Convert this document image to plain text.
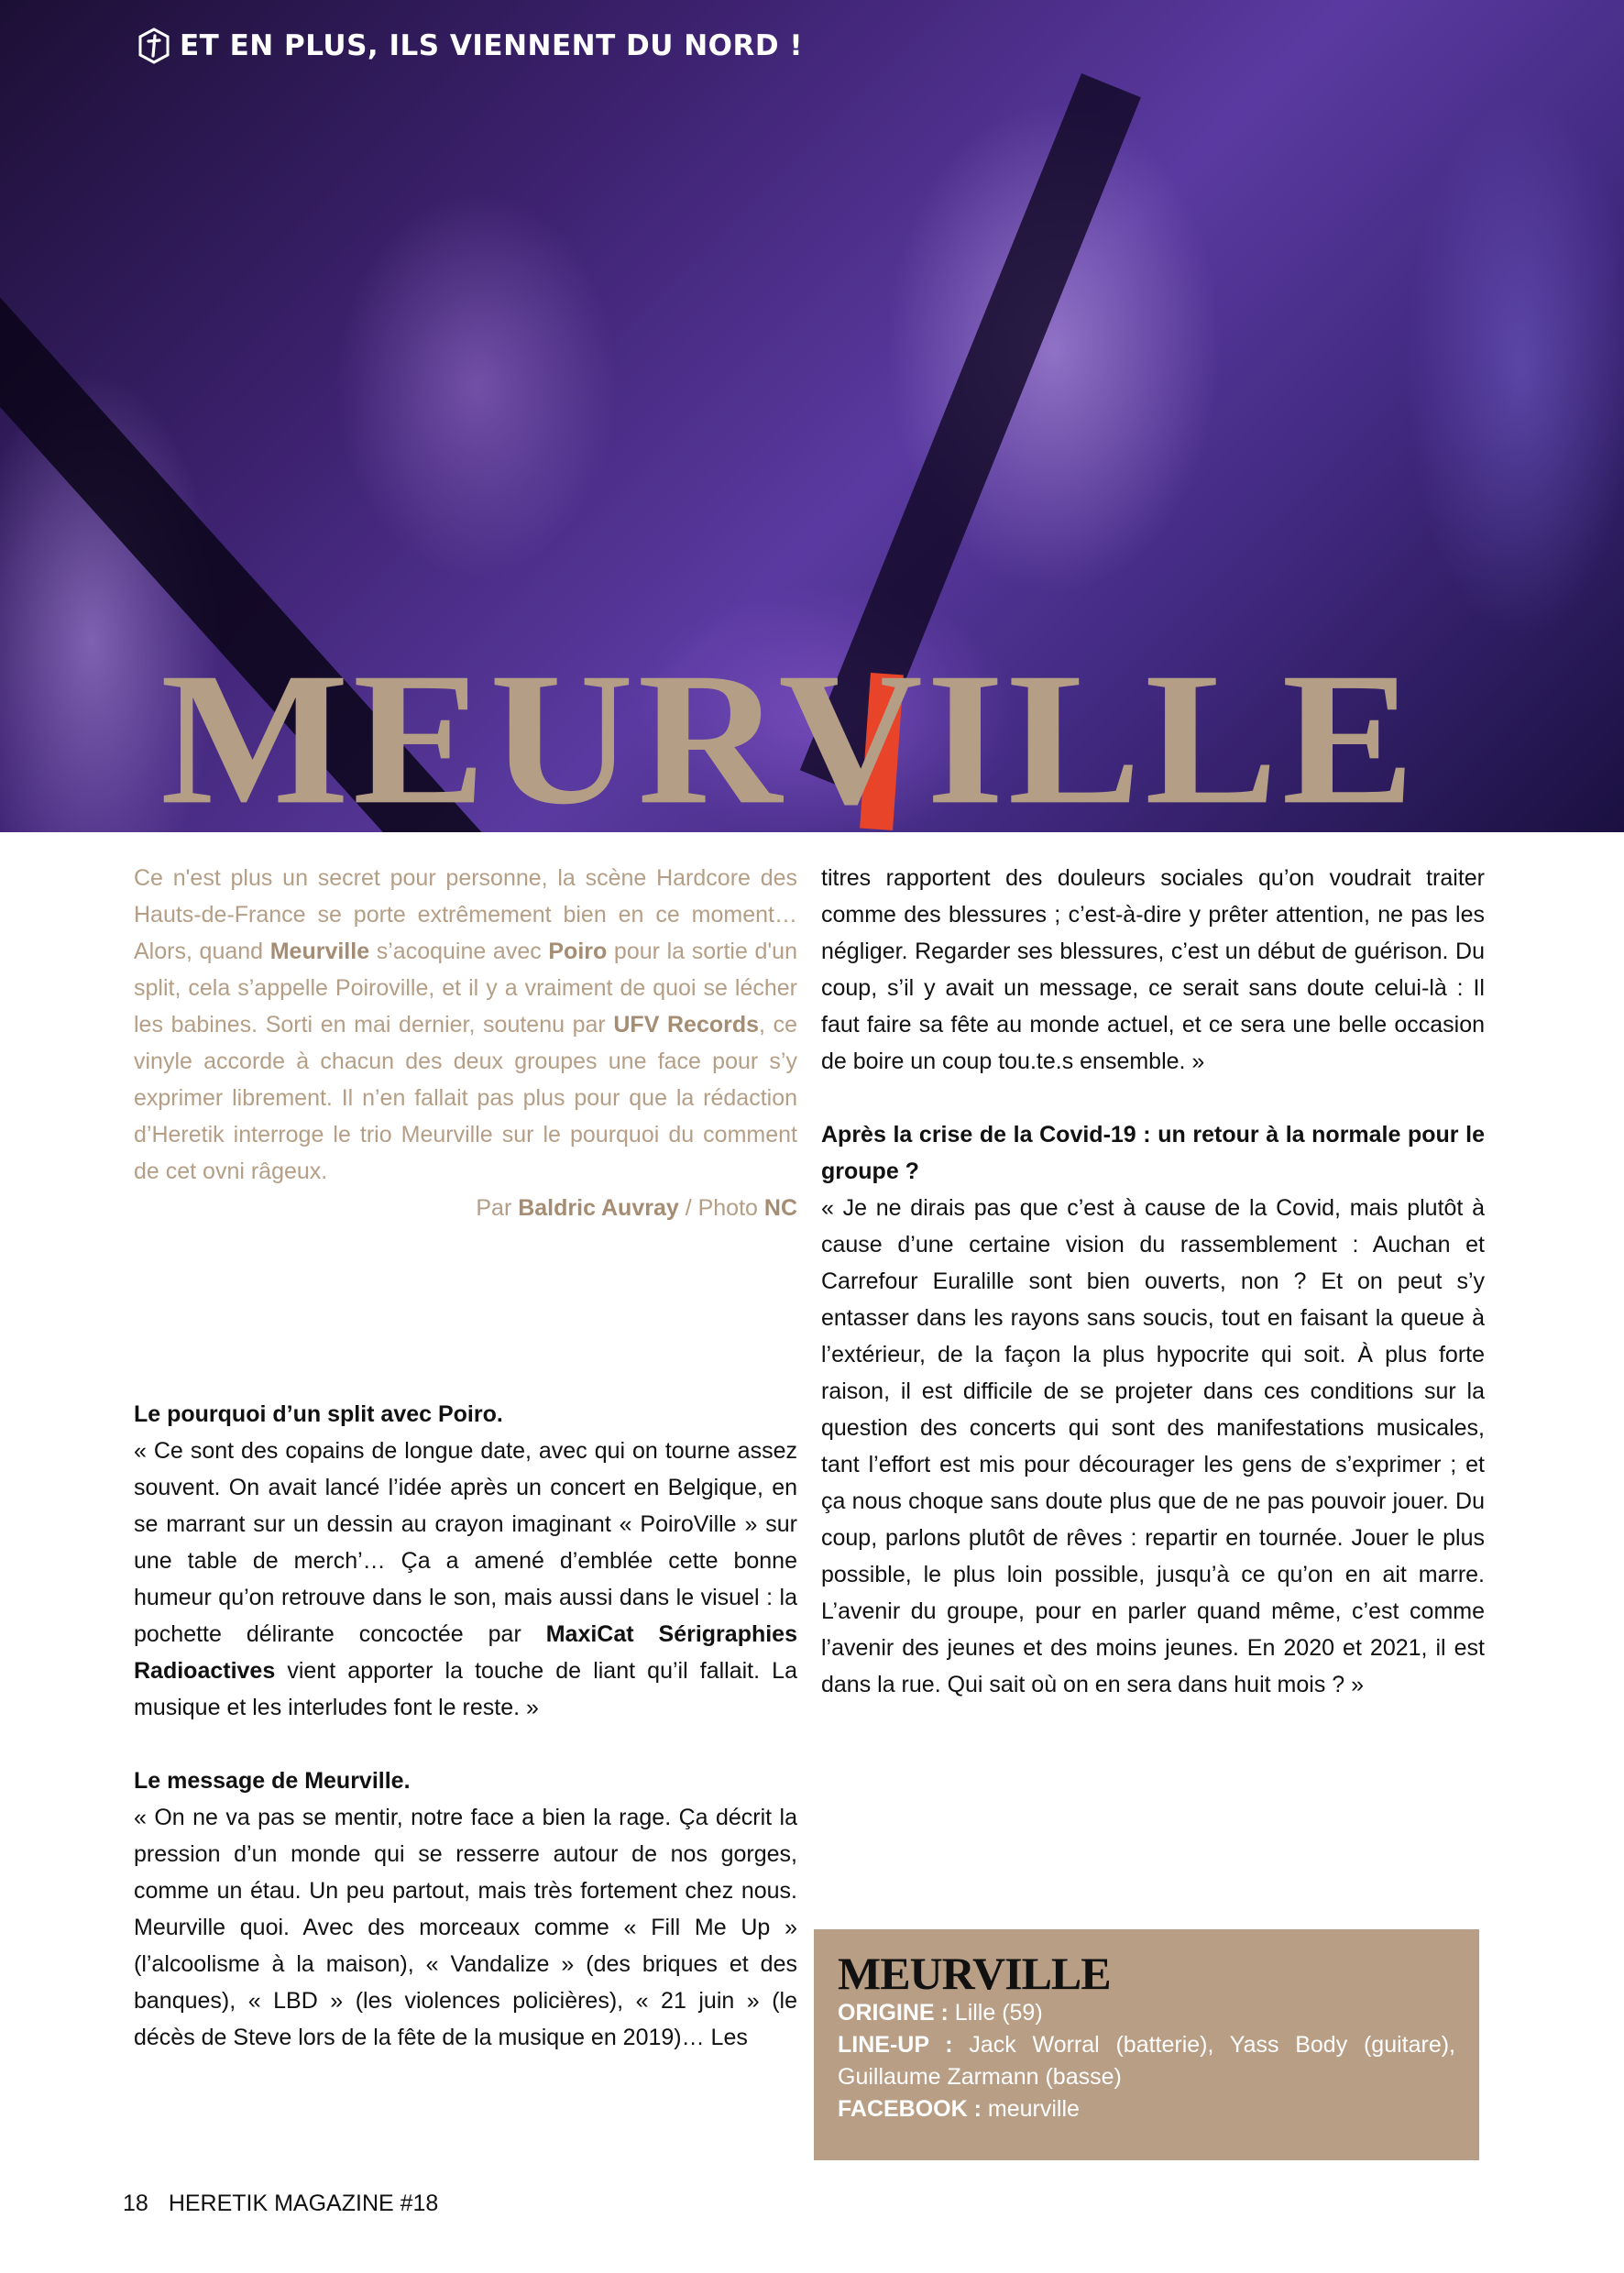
ET EN PLUS, ILS VIENNENT DU NORD !
MEURVILLE

Ce n'est plus un secret pour personne, la scène Hardcore des Hauts-de-France se porte extrêmement bien en ce moment… Alors, quand Meurville s’acoquine avec Poiro pour la sortie d'un split, cela s’appelle Poiroville, et il y a vraiment de quoi se lécher les babines. Sorti en mai dernier, soutenu par UFV Records, ce vinyle accorde à chacun des deux groupes une face pour s’y exprimer librement. Il n’en fallait pas plus pour que la rédaction d’Heretik interroge le trio Meurville sur le pourquoi du comment de cet ovni râgeux.

Par Baldric Auvray / Photo NC

Le pourquoi d’un split avec Poiro.

« Ce sont des copains de longue date, avec qui on tourne assez souvent. On avait lancé l’idée après un concert en Belgique, en se marrant sur un dessin au crayon imaginant « PoiroVille » sur une table de merch’… Ça a amené d’emblée cette bonne humeur qu’on retrouve dans le son, mais aussi dans le visuel : la pochette délirante concoctée par MaxiCat Sérigraphies Radioactives vient apporter la touche de liant qu’il fallait. La musique et les interludes font le reste. »

Le message de Meurville.

« On ne va pas se mentir, notre face a bien la rage. Ça décrit la pression d’un monde qui se resserre autour de nos gorges, comme un étau. Un peu partout, mais très fortement chez nous. Meurville quoi. Avec des morceaux comme « Fill Me Up » (l’alcoolisme à la maison), « Vandalize » (des briques et des banques), « LBD » (les violences policières), « 21 juin » (le décès de Steve lors de la fête de la musique en 2019)… Les

titres rapportent des douleurs sociales qu’on voudrait traiter comme des blessures ; c’est-à-dire y prêter attention, ne pas les négliger. Regarder ses blessures, c’est un début de guérison. Du coup, s’il y avait un message, ce serait sans doute celui-là : Il faut faire sa fête au monde actuel, et ce sera une belle occasion de boire un coup tou.te.s ensemble. »

Après la crise de la Covid-19 : un retour à la normale pour le groupe ?

« Je ne dirais pas que c’est à cause de la Covid, mais plutôt à cause d’une certaine vision du rassemblement : Auchan et Carrefour Euralille sont bien ouverts, non ? Et on peut s’y entasser dans les rayons sans soucis, tout en faisant la queue à l’extérieur, de la façon la plus hypocrite qui soit. À plus forte raison, il est difficile de se projeter dans ces conditions sur la question des concerts qui sont des manifestations musicales, tant l’effort est mis pour décourager les gens de s’exprimer ; et ça nous choque sans doute plus que de ne pas pouvoir jouer. Du coup, parlons plutôt de rêves : repartir en tournée. Jouer le plus possible, le plus loin possible, jusqu’à ce qu’on en ait marre. L’avenir du groupe, pour en parler quand même, c’est comme l’avenir des jeunes et des moins jeunes. En 2020 et 2021, il est dans la rue. Qui sait où on en sera dans huit mois ? »

MEURVILLE
ORIGINE : Lille (59)
LINE-UP : Jack Worral (batterie), Yass Body (guitare), Guillaume Zarmann (basse)
FACEBOOK : meurville
18 HERETIK MAGAZINE #18
